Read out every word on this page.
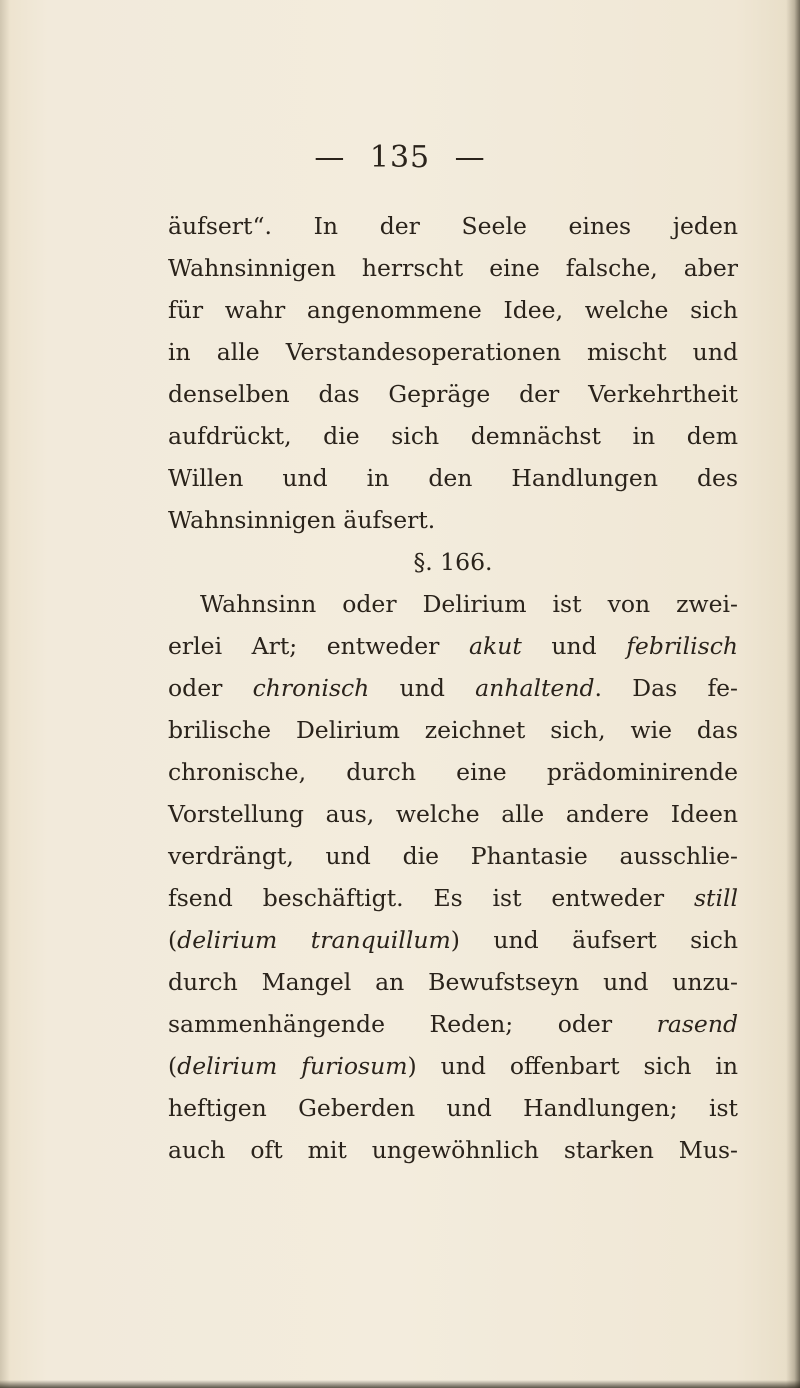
— 135 —
äufsert“. In der Seele eines jeden
Wahnsinnigen herrscht eine falsche, aber
für wahr angenommene Idee, welche sich
in alle Verstandesoperationen mischt und
denselben das Gepräge der Verkehrtheit
aufdrückt, die sich demnächst in dem
Willen und in den Handlungen des
Wahnsinnigen äufsert.
§. 166.
Wahnsinn oder Delirium ist von zwei-
erlei Art; entweder akut und febrilisch
oder chronisch und anhaltend. Das fe-
brilische Delirium zeichnet sich, wie das
chronische, durch eine prädominirende
Vorstellung aus, welche alle andere Ideen
verdrängt, und die Phantasie ausschlie-
fsend beschäftigt. Es ist entweder still
(delirium tranquillum) und äufsert sich
durch Mangel an Bewufstseyn und unzu-
sammenhängende Reden; oder rasend
(delirium furiosum) und offenbart sich in
heftigen Geberden und Handlungen; ist
auch oft mit ungewöhnlich starken Mus-
